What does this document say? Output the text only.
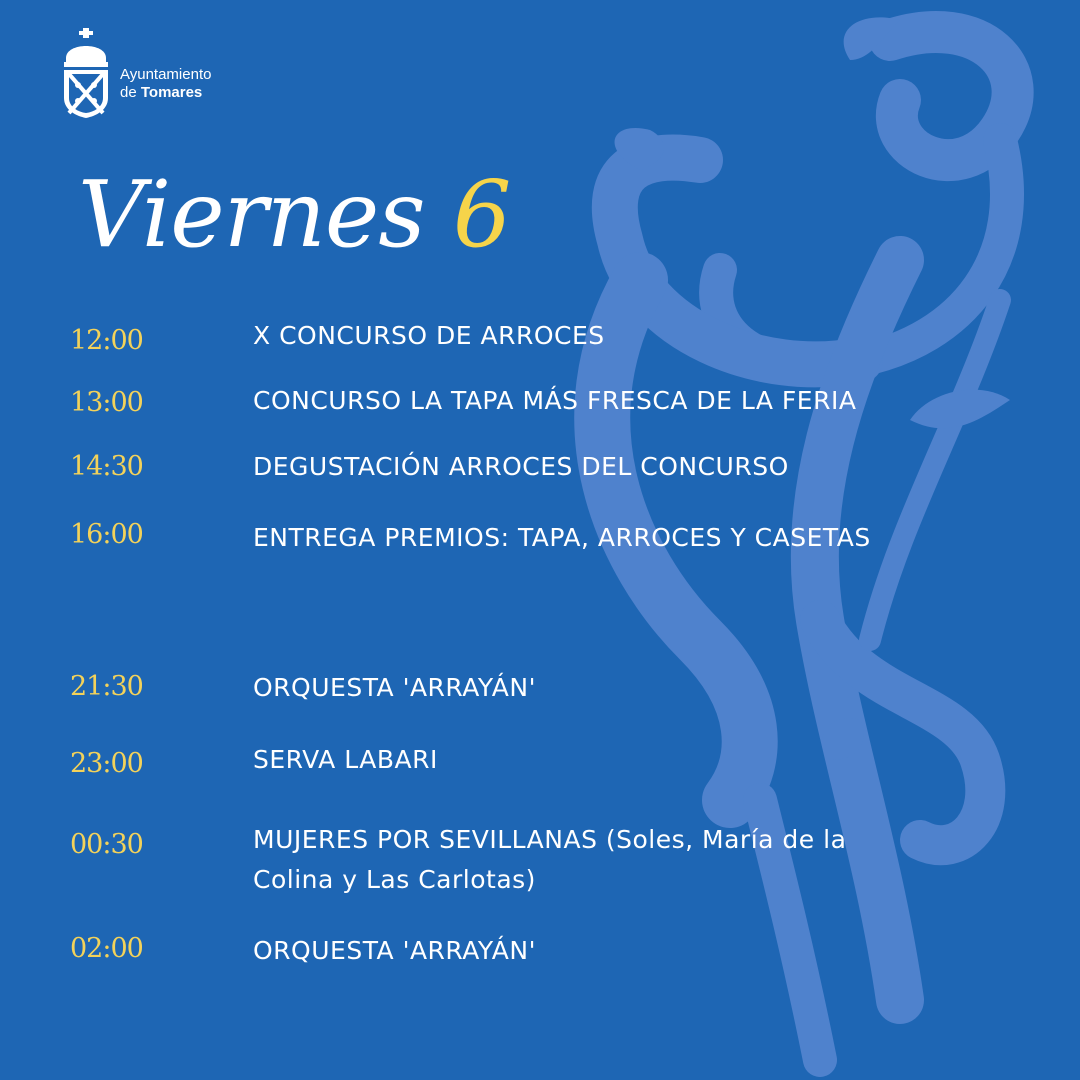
Ayuntamiento
de Tomares
Viernes 6
12:00	X CONCURSO DE ARROCES
13:00	CONCURSO LA TAPA MÁS FRESCA DE LA FERIA
14:30	DEGUSTACIÓN ARROCES DEL CONCURSO
16:00	ENTREGA PREMIOS: TAPA, ARROCES Y CASETAS
21:30	ORQUESTA 'ARRAYÁN'
23:00	SERVA LABARI
00:30	MUJERES POR SEVILLANAS (Soles, María de la Colina y Las Carlotas)
02:00	ORQUESTA 'ARRAYÁN'
